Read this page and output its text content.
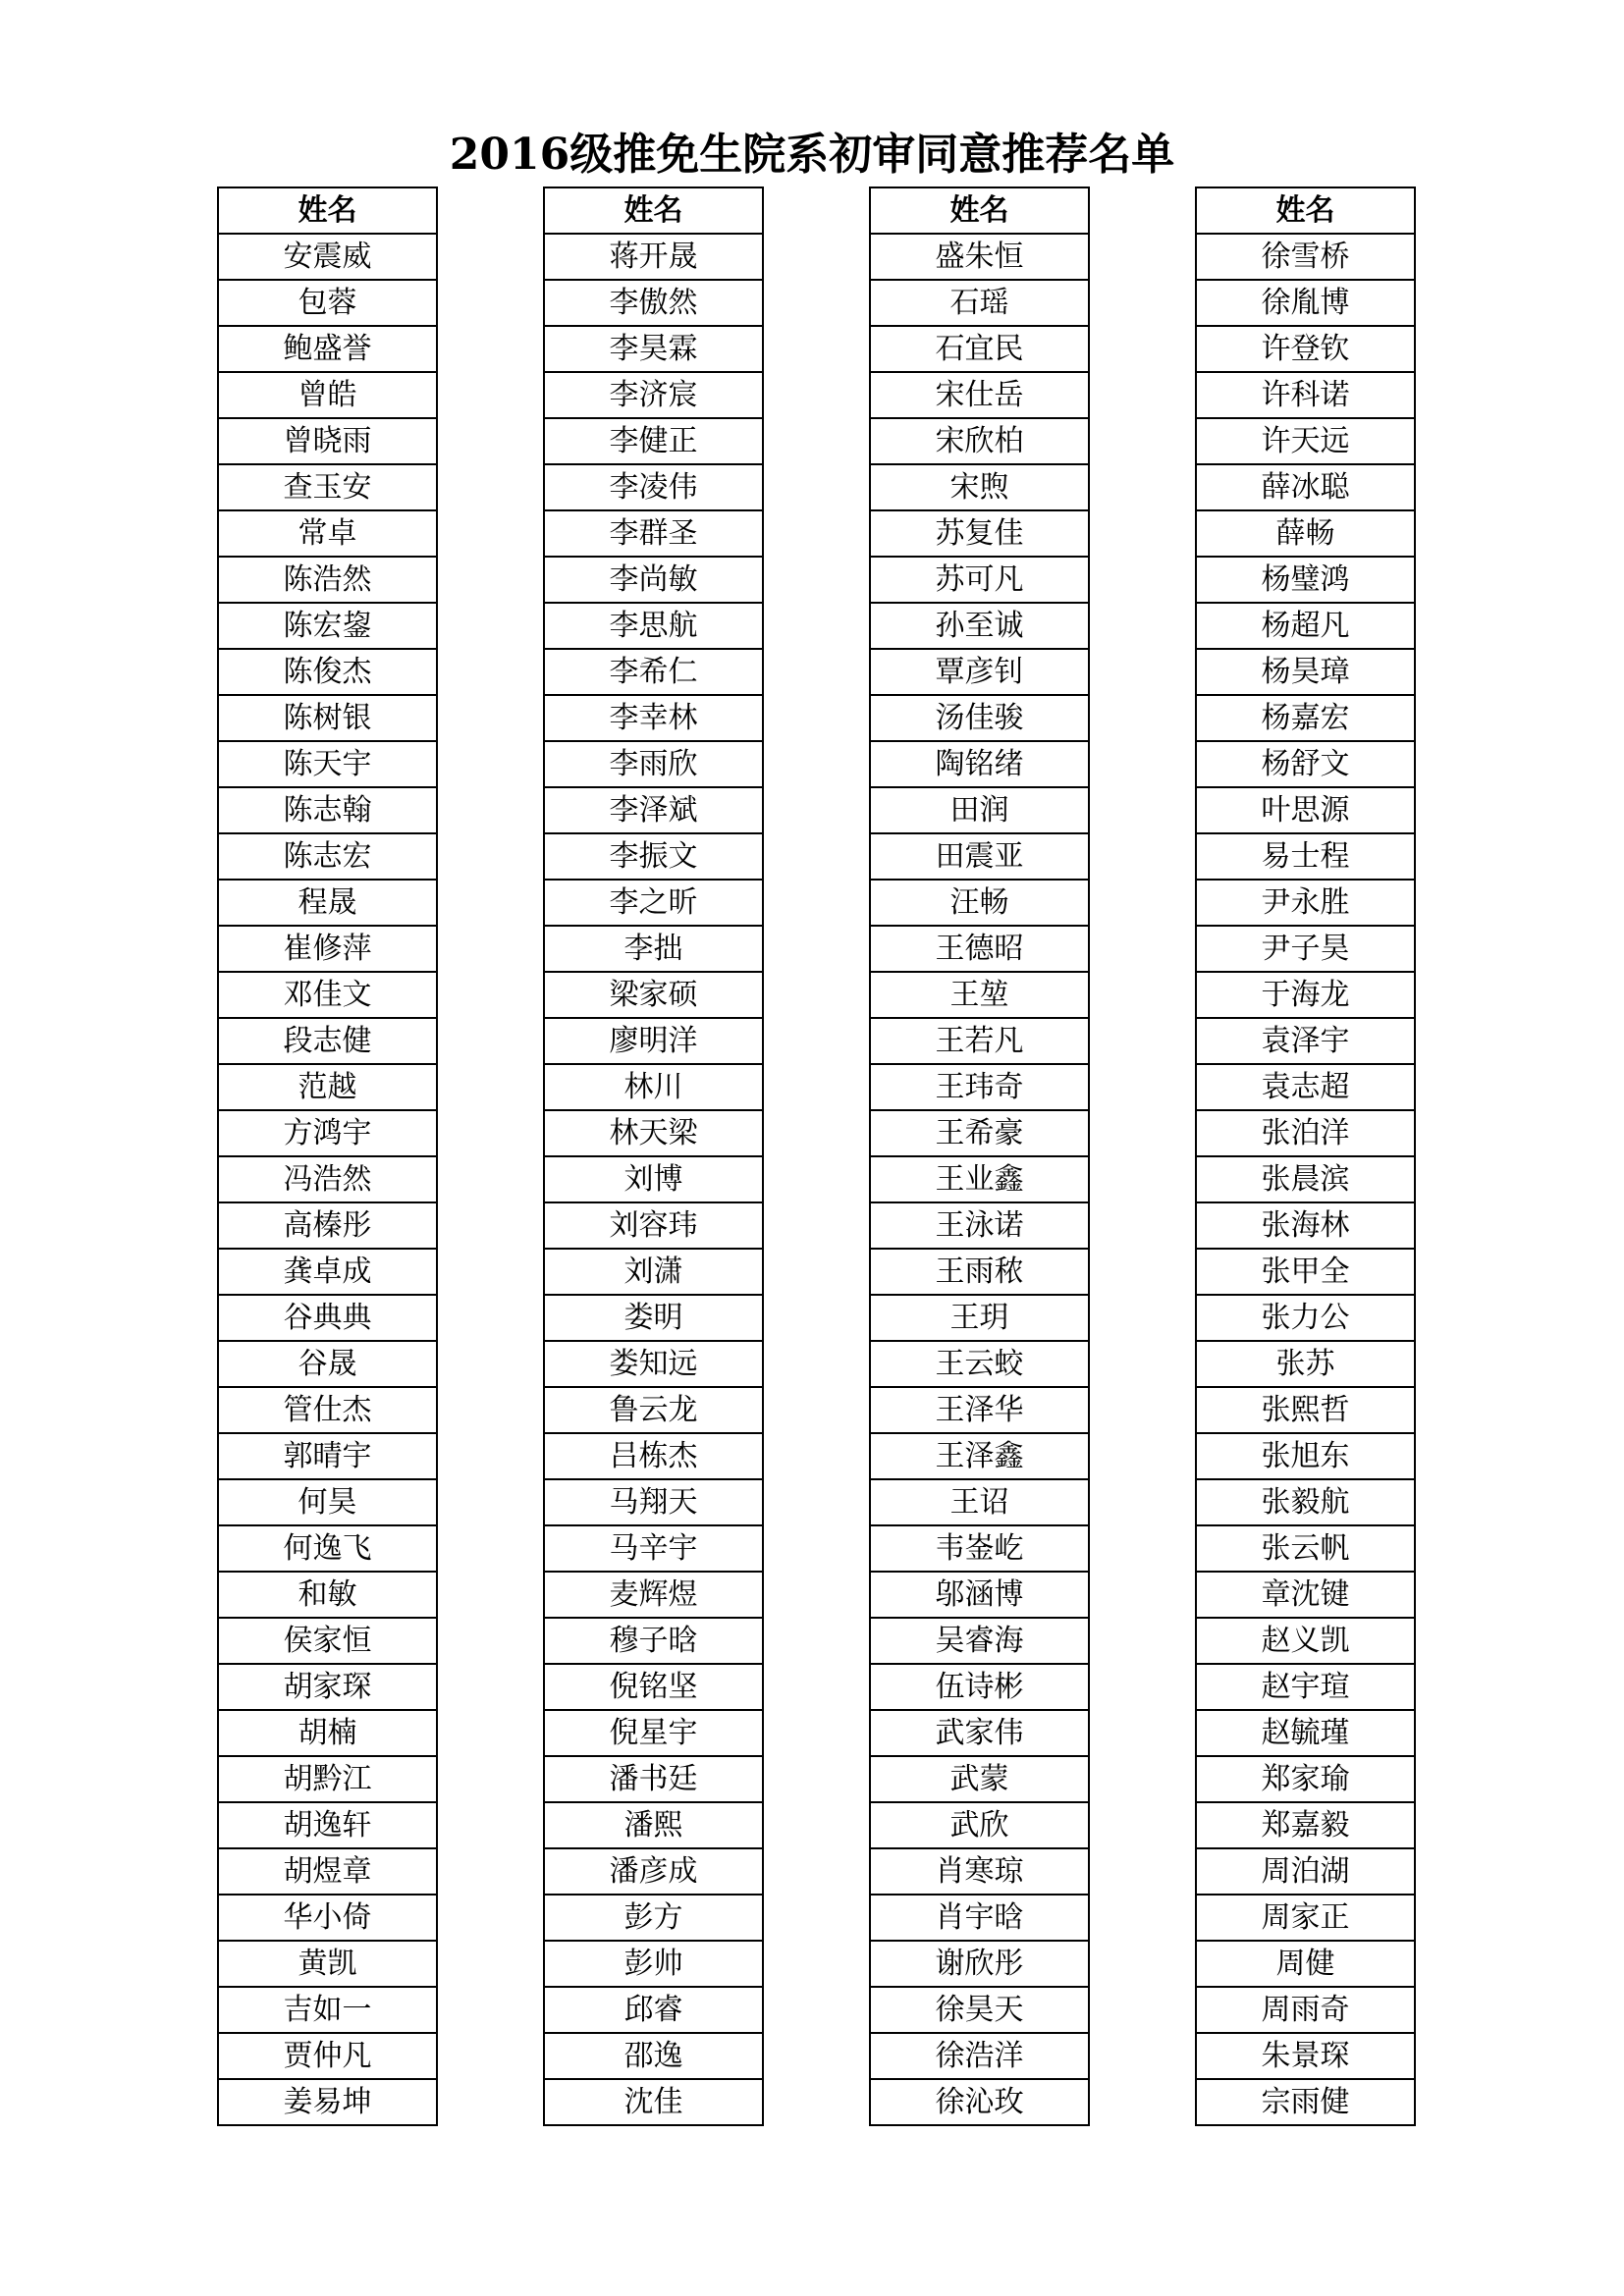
2016级推免生院系初审同意推荐名单
姓名
安震威
包蓉
鲍盛誉
曾皓
曾晓雨
查玉安
常卓
陈浩然
陈宏鋆
陈俊杰
陈树银
陈天宇
陈志翰
陈志宏
程晟
崔修萍
邓佳文
段志健
范越
方鸿宇
冯浩然
高榛彤
龚卓成
谷典典
谷晟
管仕杰
郭晴宇
何昊
何逸飞
和敏
侯家恒
胡家琛
胡楠
胡黔江
胡逸轩
胡煜章
华小倚
黄凯
吉如一
贾仲凡
姜易坤
姓名
蒋开晟
李傲然
李昊霖
李济宸
李健正
李凌伟
李群圣
李尚敏
李思航
李希仁
李幸林
李雨欣
李泽斌
李振文
李之昕
李拙
梁家硕
廖明洋
林川
林天梁
刘博
刘容玮
刘潇
娄明
娄知远
鲁云龙
吕栋杰
马翔天
马辛宇
麦辉煜
穆子晗
倪铭坚
倪星宇
潘书廷
潘熙
潘彦成
彭方
彭帅
邱睿
邵逸
沈佳
姓名
盛朱恒
石瑶
石宜民
宋仕岳
宋欣柏
宋煦
苏复佳
苏可凡
孙至诚
覃彦钊
汤佳骏
陶铭绪
田润
田震亚
汪畅
王德昭
王堃
王若凡
王玮奇
王希豪
王业鑫
王泳诺
王雨秾
王玥
王云蛟
王泽华
王泽鑫
王诏
韦崟屹
邬涵博
吴睿海
伍诗彬
武家伟
武蒙
武欣
肖寒琼
肖宇晗
谢欣彤
徐昊天
徐浩洋
徐沁玫
姓名
徐雪桥
徐胤博
许登钦
许科诺
许天远
薛冰聪
薛畅
杨璧鸿
杨超凡
杨昊璋
杨嘉宏
杨舒文
叶思源
易士程
尹永胜
尹子昊
于海龙
袁泽宇
袁志超
张泊洋
张晨滨
张海林
张甲全
张力公
张苏
张熙哲
张旭东
张毅航
张云帆
章沈键
赵义凯
赵宇瑄
赵毓瑾
郑家瑜
郑嘉毅
周泊湖
周家正
周健
周雨奇
朱景琛
宗雨健
